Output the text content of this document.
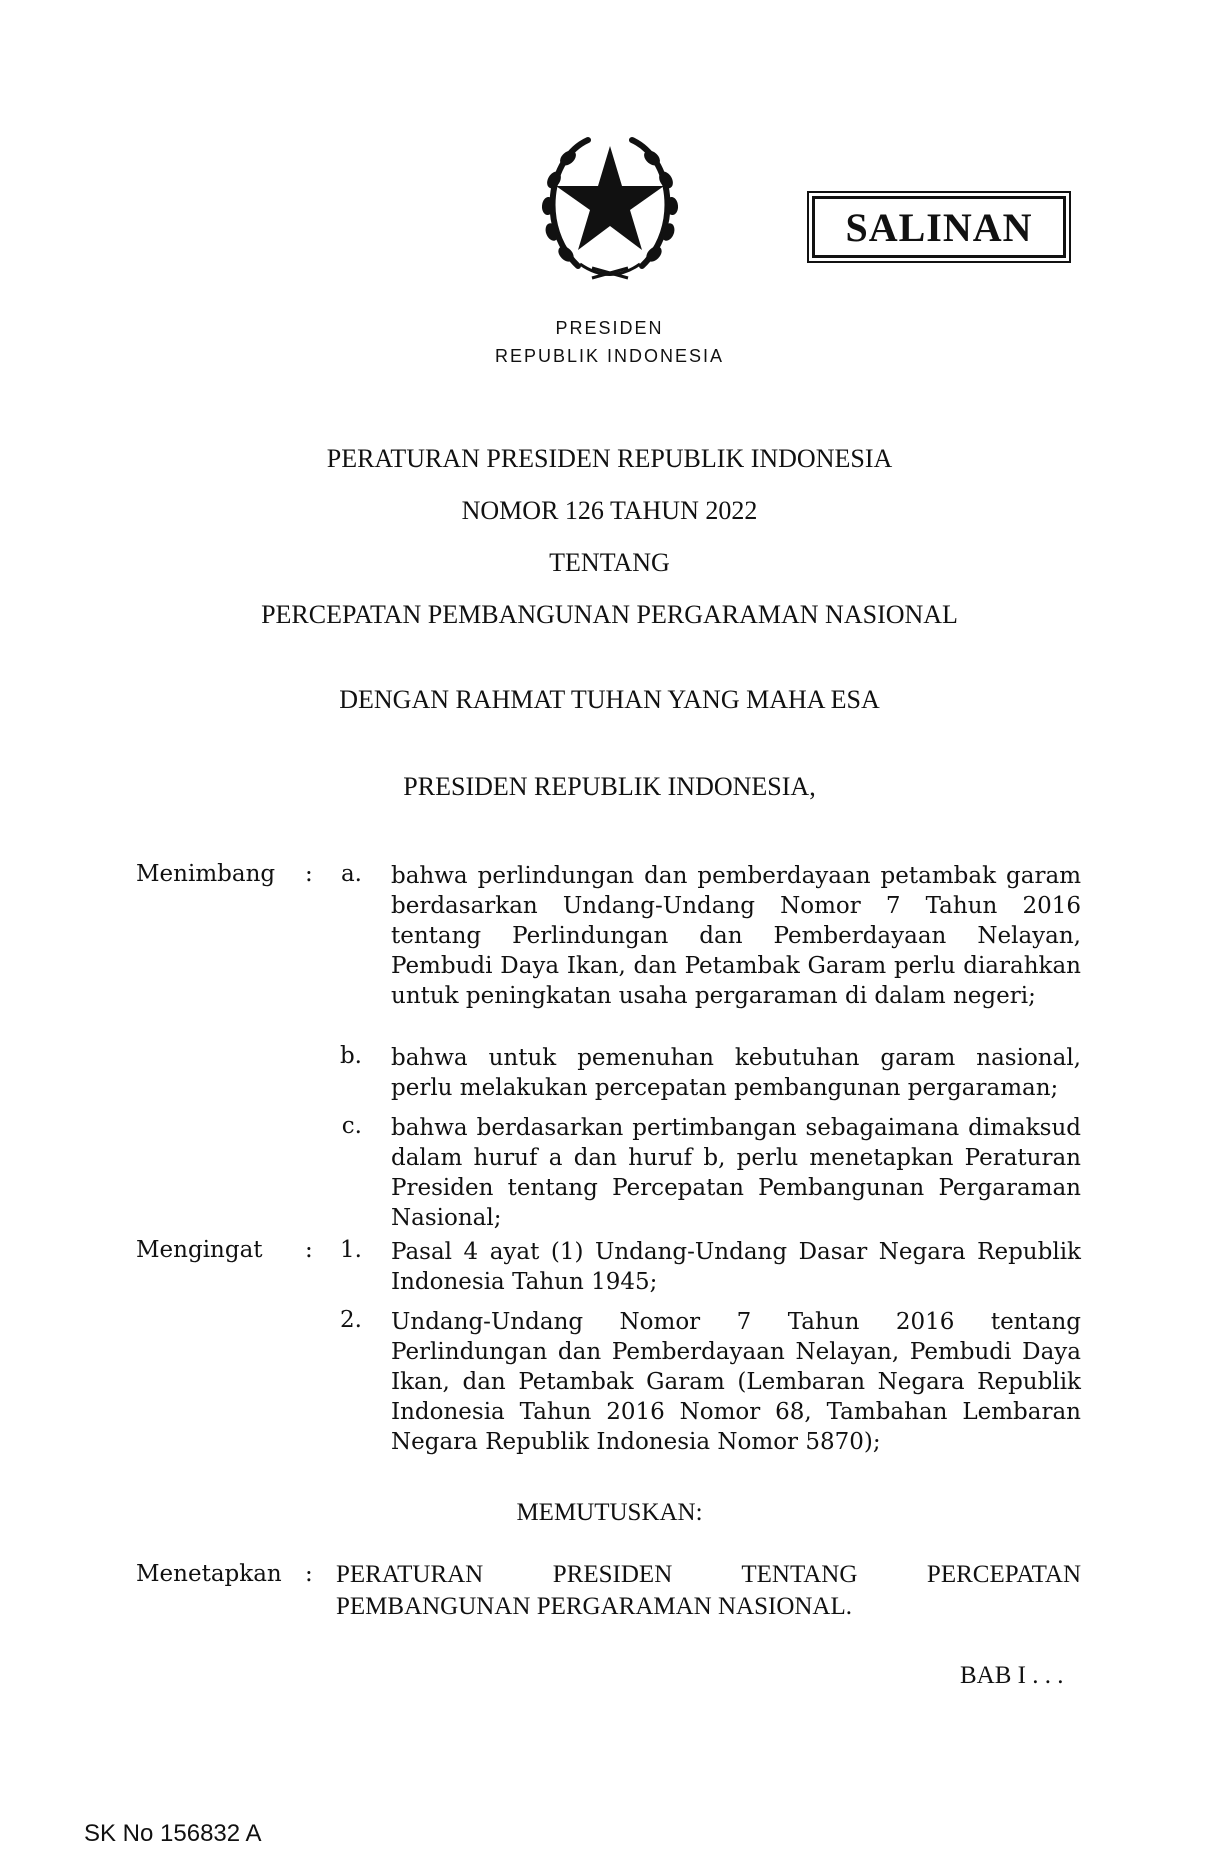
SALINAN
PRESIDEN
REPUBLIK INDONESIA
PERATURAN PRESIDEN REPUBLIK INDONESIA
NOMOR 126 TAHUN 2022
TENTANG
PERCEPATAN PEMBANGUNAN PERGARAMAN NASIONAL
DENGAN RAHMAT TUHAN YANG MAHA ESA
PRESIDEN REPUBLIK INDONESIA,
Menimbang :	a. bahwa perlindungan dan pemberdayaan petambak garam berdasarkan Undang-Undang Nomor 7 Tahun 2016 tentang Perlindungan dan Pemberdayaan Nelayan, Pembudi Daya Ikan, dan Petambak Garam perlu diarahkan untuk peningkatan usaha pergaraman di dalam negeri;
b. bahwa untuk pemenuhan kebutuhan garam nasional, perlu melakukan percepatan pembangunan pergaraman;
c. bahwa berdasarkan pertimbangan sebagaimana dimaksud dalam huruf a dan huruf b, perlu menetapkan Peraturan Presiden tentang Percepatan Pembangunan Pergaraman Nasional;
Mengingat : 1. Pasal 4 ayat (1) Undang-Undang Dasar Negara Republik Indonesia Tahun 1945;
2. Undang-Undang Nomor 7 Tahun 2016 tentang Perlindungan dan Pemberdayaan Nelayan, Pembudi Daya Ikan, dan Petambak Garam (Lembaran Negara Republik Indonesia Tahun 2016 Nomor 68, Tambahan Lembaran Negara Republik Indonesia Nomor 5870);
MEMUTUSKAN:
Menetapkan : PERATURAN PRESIDEN TENTANG PERCEPATAN PEMBANGUNAN PERGARAMAN NASIONAL.
BAB I . . .
SK No 156832 A
